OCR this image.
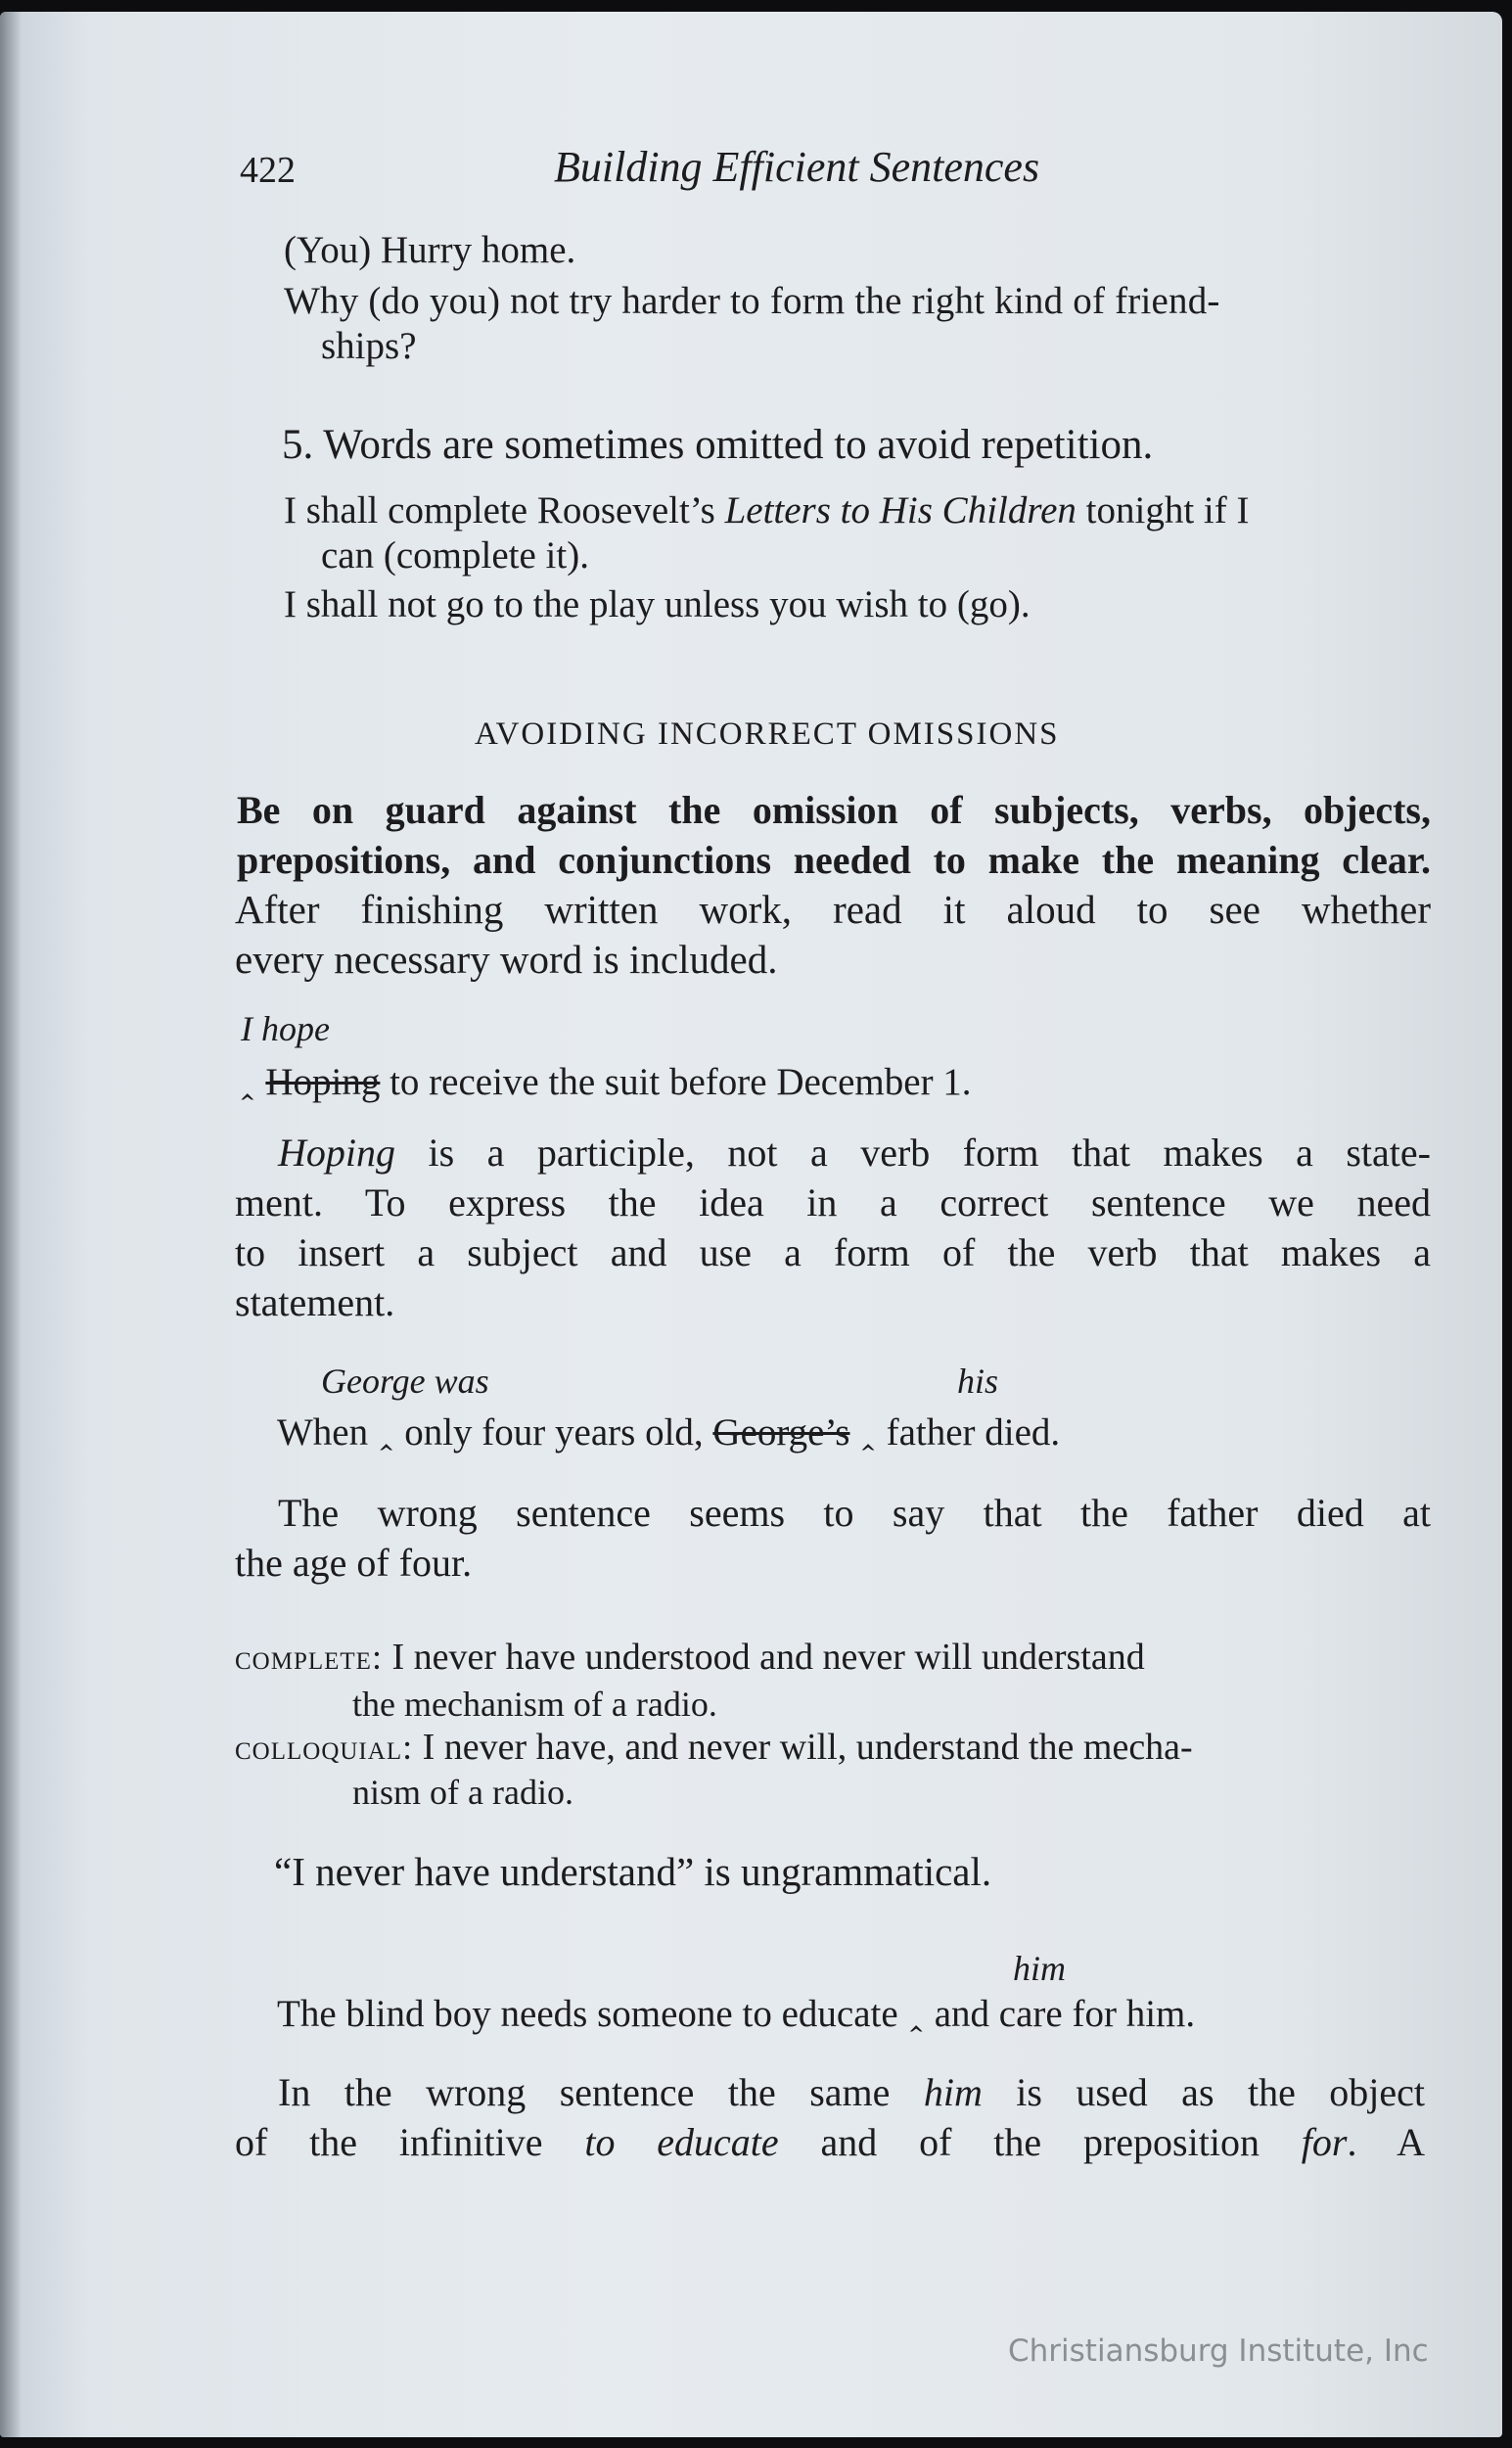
422	Building Efficient Sentences
(You) Hurry home.
Why (do you) not try harder to form the right kind of friend-
ships?
5. Words are sometimes omitted to avoid repetition.
I shall complete Roosevelt’s Letters to His Children tonight if I
can (complete it).
I shall not go to the play unless you wish to (go).
AVOIDING INCORRECT OMISSIONS
Be on guard against the omission of subjects, verbs, objects,
prepositions, and conjunctions needed to make the meaning clear.
After finishing written work, read it aloud to see whether
every necessary word is included.
I hope
‸ Hoping to receive the suit before December 1.
Hoping is a participle, not a verb form that makes a state-
ment. To express the idea in a correct sentence we need
to insert a subject and use a form of the verb that makes a
statement.
George was	his
When ‸ only four years old, George’s ‸ father died.
The wrong sentence seems to say that the father died at
the age of four.
complete: I never have understood and never will understand
the mechanism of a radio.
colloquial: I never have, and never will, understand the mecha-
nism of a radio.
“I never have understand” is ungrammatical.
him
The blind boy needs someone to educate ‸ and care for him.
In the wrong sentence the same him is used as the object
of the infinitive to educate and of the preposition for. A
Christiansburg Institute, Inc
